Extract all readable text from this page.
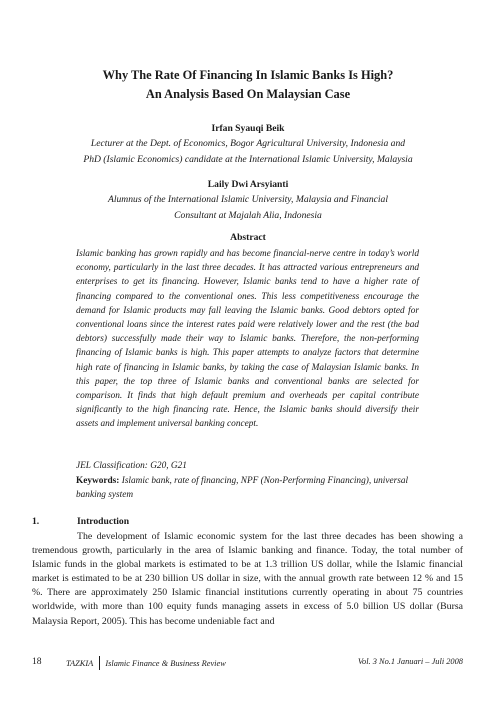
Why The Rate Of Financing In Islamic Banks Is High?
An Analysis Based On Malaysian Case
Irfan Syauqi Beik
Lecturer at the Dept. of Economics, Bogor Agricultural University, Indonesia and
PhD (Islamic Economics) candidate at the International Islamic University, Malaysia
Laily Dwi Arsyianti
Alumnus of the International Islamic University, Malaysia and Financial
Consultant at Majalah Alia, Indonesia
Abstract

Islamic banking has grown rapidly and has become financial-nerve centre in today’s world economy, particularly in the last three decades. It has attracted various entrepreneurs and enterprises to get its financing. However, Islamic banks tend to have a higher rate of financing compared to the conventional ones. This less competitiveness encourage the demand for Islamic products may fall leaving the Islamic banks. Good debtors opted for conventional loans since the interest rates paid were relatively lower and the rest (the bad debtors) successfully made their way to Islamic banks. Therefore, the non-performing financing of Islamic banks is high. This paper attempts to analyze factors that determine high rate of financing in Islamic banks, by taking the case of Malaysian Islamic banks. In this paper, the top three of Islamic banks and conventional banks are selected for comparison. It finds that high default premium and overheads per capital contribute significantly to the high financing rate. Hence, the Islamic banks should diversify their assets and implement universal banking concept.

JEL Classification: G20, G21

Keywords: Islamic bank, rate of financing, NPF (Non-Performing Financing), universal banking system

1.	Introduction

The development of Islamic economic system for the last three decades has been showing a tremendous growth, particularly in the area of Islamic banking and finance. Today, the total number of Islamic funds in the global markets is estimated to be at 1.3 trillion US dollar, while the Islamic financial market is estimated to be at 230 billion US dollar in size, with the annual growth rate between 12 % and 15 %. There are approximately 250 Islamic financial institutions currently operating in about 75 countries worldwide, with more than 100 equity funds managing assets in excess of 5.0 billion US dollar (Bursa Malaysia Report, 2005). This has become undeniable fact and

18	TAZKIA Islamic Finance & Business Review	Vol. 3 No.1 Januari – Juli 2008
